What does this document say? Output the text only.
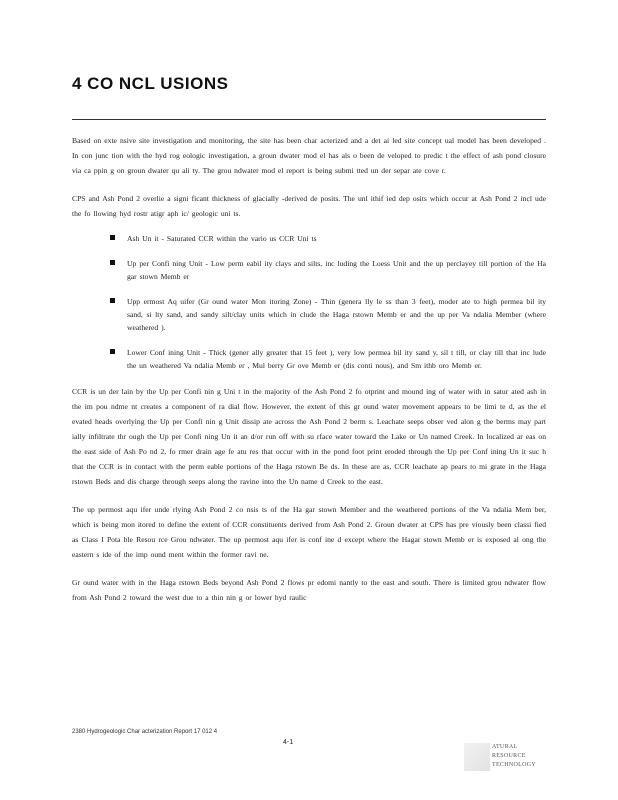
4 CO NCL USIONS

Based on exte nsive site investigation and monitoring, the site has been char acterized and a det ai led site concept ual model has been developed . In con junc tion with the hyd rog eologic investigation, a groun dwater mod el has als o been de veloped to predic t the effect of ash pond closure via ca ppin g on groun dwater qu ali ty. The grou ndwater mod el report is being submi tted un der separ ate cove r.

CPS and Ash Pond 2 overlie a signi ficant thickness of glacially -derived de posits. The unl ithif ied dep osits which occur at Ash Pond 2 incl ude the fo llowing hyd rostr atigr aph ic/ geologic uni ts.

Ash Un it - Saturated CCR within the vario us CCR Uni ts
Up per Confi ning Unit - Low perm eabil ity clays and silts, inc luding the Loess Unit and the up perclayey till portion of the Ha gar stown Memb er
Upp ermost Aq uifer (Gr ound water Mon itoring Zone) - Thin (genera lly le ss than 3 feet), moder ate to high permea bil ity sand, si lty sand, and sandy silt/clay units which in clude the Haga rstown Memb er and the up per Va ndalia Member (where weathered ).
Lower Conf ining Unit - Thick (gener ally greater that 15 feet ), very low permea bil ity sand y, sil t till, or clay till that inc lude the un weathered Va ndalia Memb er , Mul berry Gr ove Memb er (dis conti nous), and Sm ithb oro Memb er.

CCR is un der lain by the Up per Confi nin g Uni t in the majority of the Ash Pond 2 fo otprint and mound ing of water with in satur ated ash in the im pou ndme nt creates a component of ra dial flow. However, the extent of this gr ound water movement appears to be limi te d, as the el evated heads overlying the Up per Confi nin g Unit dissip ate across the Ash Pond 2 berm s. Leachate seeps obser ved alon g the berms may part ially infiltrate thr ough the Up per Confi ning Un it an d/or run off with su rface water toward the Lake or Un named Creek. In localized ar eas on the east side of Ash Po nd 2, fo rmer drain age fe atu res that occur with in the pond foot print eroded through the Up per Conf ining Un it suc h that the CCR is in contact with the perm eable portions of the Haga rstown Be ds. In these are as, CCR leachate ap pears to mi grate in the Haga rstown Beds and dis charge through seeps along the ravine into the Un name d Creek to the east.

The up permost aqu ifer unde rlying Ash Pond 2 co nsis ts of the Ha gar stown Member and the weathered portions of the Va ndalia Mem ber, which is being mon itored to define the extent of CCR constituents derived from Ash Pond 2. Groun dwater at CPS has pre viously been classi fied as Class I Pota ble Resou rce Grou ndwater. The up permost aqu ifer is conf ine d except where the Hagar stown Memb er is exposed al ong the eastern s ide of the imp ound ment within the former ravi ne.

Gr ound water with in the Haga rstown Beds beyond Ash Pond 2 flows pr edomi nantly to the east and south. There is limited grou ndwater flow from Ash Pond 2 toward the west due to a thin nin g or lower hyd raulic

2380 Hydrogeologic Char acterization Report 17 012 4
4-1
ATURAL
RESOURCE
TECHNOLOGY
